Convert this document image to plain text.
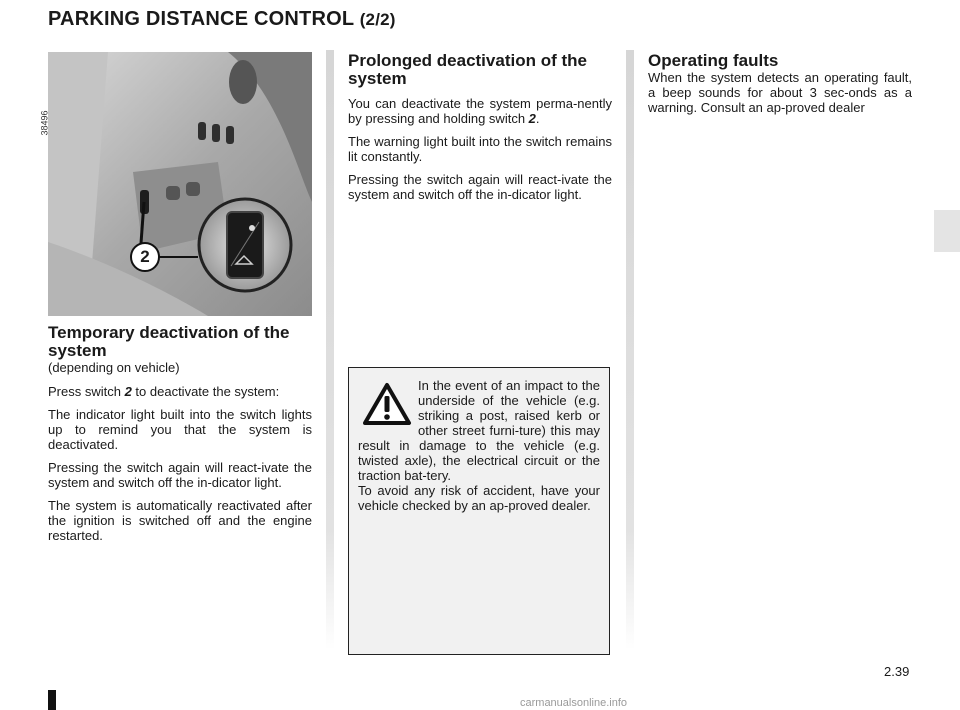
PARKING DISTANCE CONTROL (2/2)
38496
2
Temporary deactivation of the system

(depending on vehicle)

Press switch 2 to deactivate the system:

The indicator light built into the switch lights up to remind you that the system is deactivated.

Pressing the switch again will react-ivate the system and switch off the in-dicator light.

The system is automatically reactivated after the ignition is switched off and the engine restarted.

Prolonged deactivation of the system

You can deactivate the system perma-nently by pressing and holding switch 2.

The warning light built into the switch remains lit constantly.

Pressing the switch again will react-ivate the system and switch off the in-dicator light.

In the event of an impact to the underside of the vehicle (e.g. striking a post, raised kerb or other street furni-ture) this may result in damage to the vehicle (e.g. twisted axle), the electrical circuit or the traction bat-tery.

To avoid any risk of accident, have your vehicle checked by an ap-proved dealer.

Operating faults

When the system detects an operating fault, a beep sounds for about 3 sec-onds as a warning. Consult an ap-proved dealer

2.39
carmanualsonline.info
